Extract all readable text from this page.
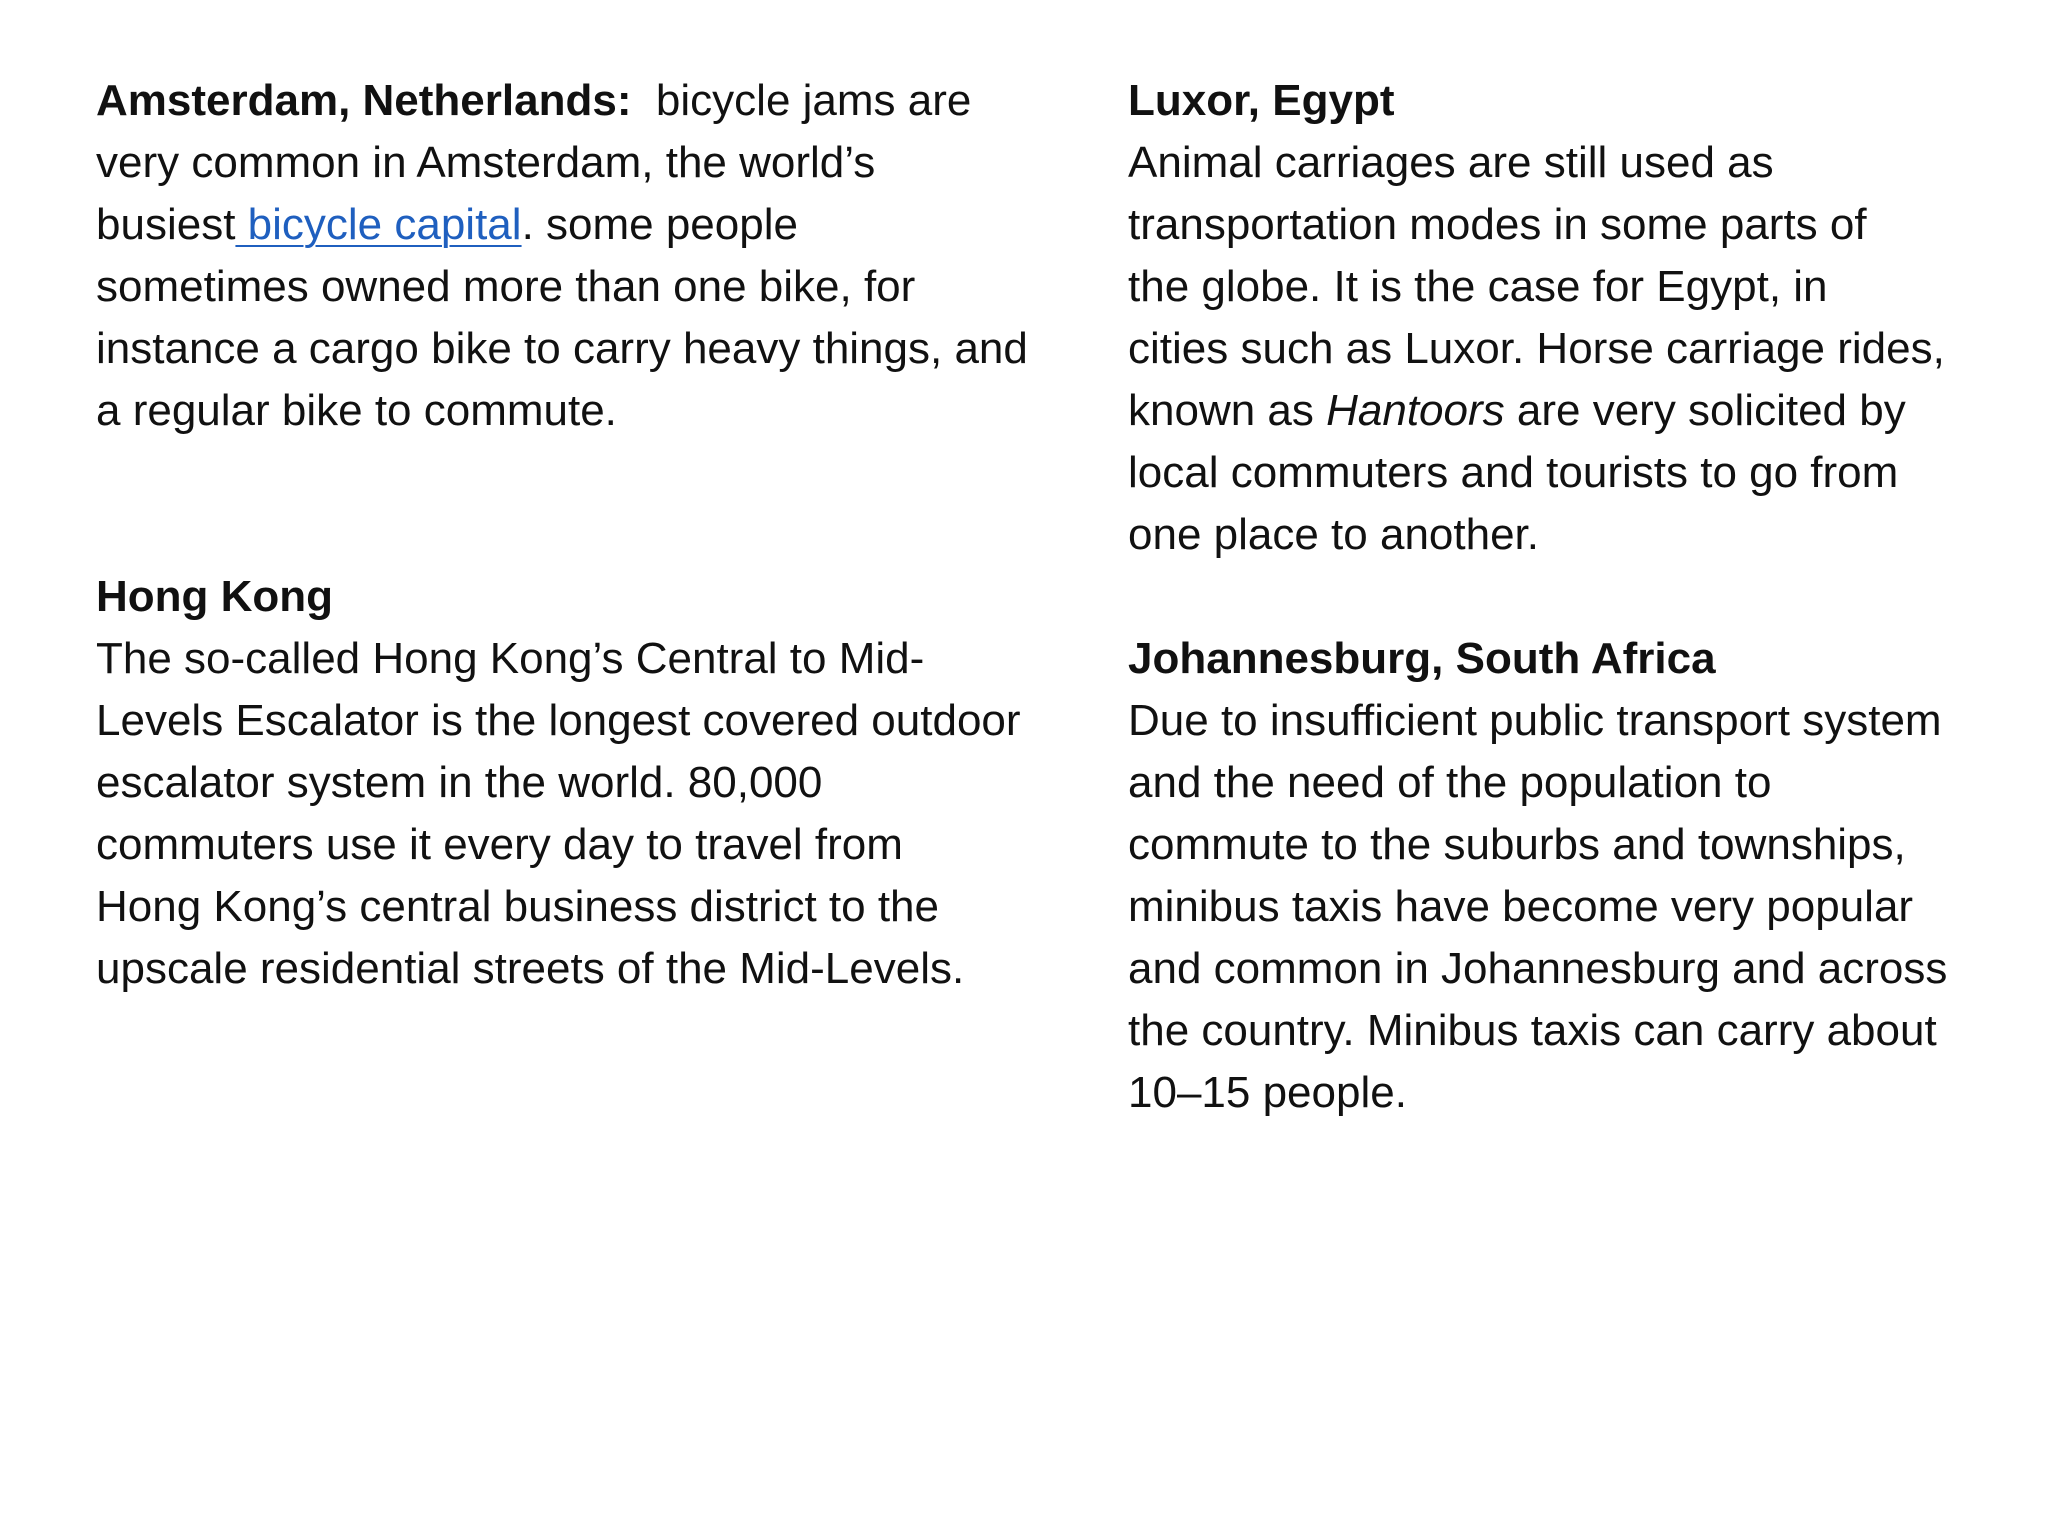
Amsterdam, Netherlands:  bicycle jams are
very common in Amsterdam, the world’s
busiest bicycle capital. some people
sometimes owned more than one bike, for
instance a cargo bike to carry heavy things, and
a regular bike to commute.
Hong Kong
The so-called Hong Kong’s Central to Mid-
Levels Escalator is the longest covered outdoor
escalator system in the world. 80,000
commuters use it every day to travel from
Hong Kong’s central business district to the
upscale residential streets of the Mid-Levels.
Luxor, Egypt
Animal carriages are still used as
transportation modes in some parts of
the globe. It is the case for Egypt, in
cities such as Luxor. Horse carriage rides,
known as Hantoors are very solicited by
local commuters and tourists to go from
one place to another.
Johannesburg, South Africa
Due to insufficient public transport system
and the need of the population to
commute to the suburbs and townships,
minibus taxis have become very popular
and common in Johannesburg and across
the country. Minibus taxis can carry about
10–15 people.
